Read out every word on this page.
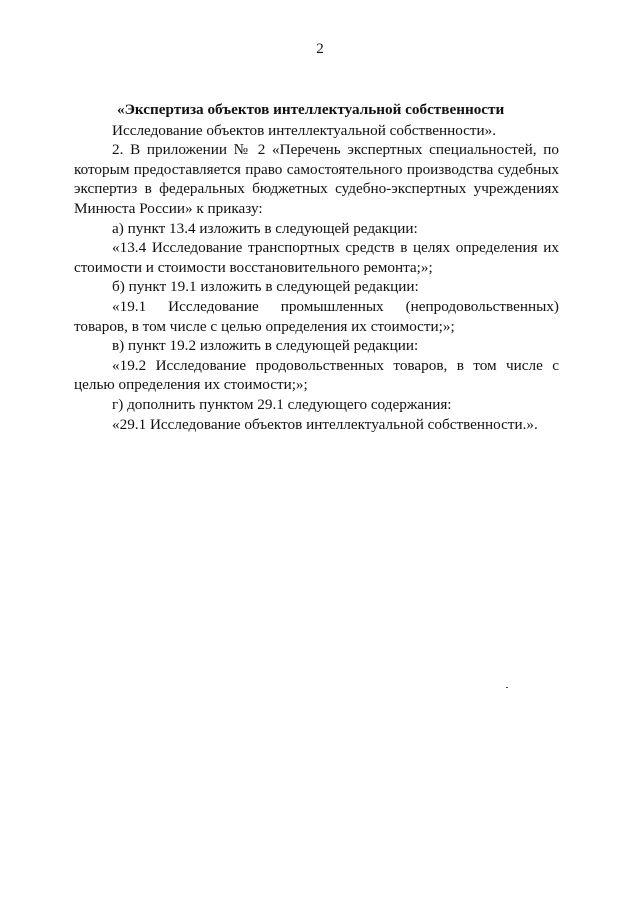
2

«Экспертиза объектов интеллектуальной собственности

Исследование объектов интеллектуальной собственности».

2. В приложении № 2 «Перечень экспертных специальностей, по которым предоставляется право самостоятельного производства судебных экспертиз в федеральных бюджетных судебно-экспертных учреждениях Минюста России» к приказу:

а) пункт 13.4 изложить в следующей редакции:

«13.4 Исследование транспортных средств в целях определения их стоимости и стоимости восстановительного ремонта;»;

б) пункт 19.1 изложить в следующей редакции:

«19.1 Исследование промышленных (непродовольственных) товаров, в том числе с целью определения их стоимости;»;

в) пункт 19.2 изложить в следующей редакции:

«19.2 Исследование продовольственных товаров, в том числе с целью определения их стоимости;»;

г) дополнить пунктом 29.1 следующего содержания:

«29.1 Исследование объектов интеллектуальной собственности.».
